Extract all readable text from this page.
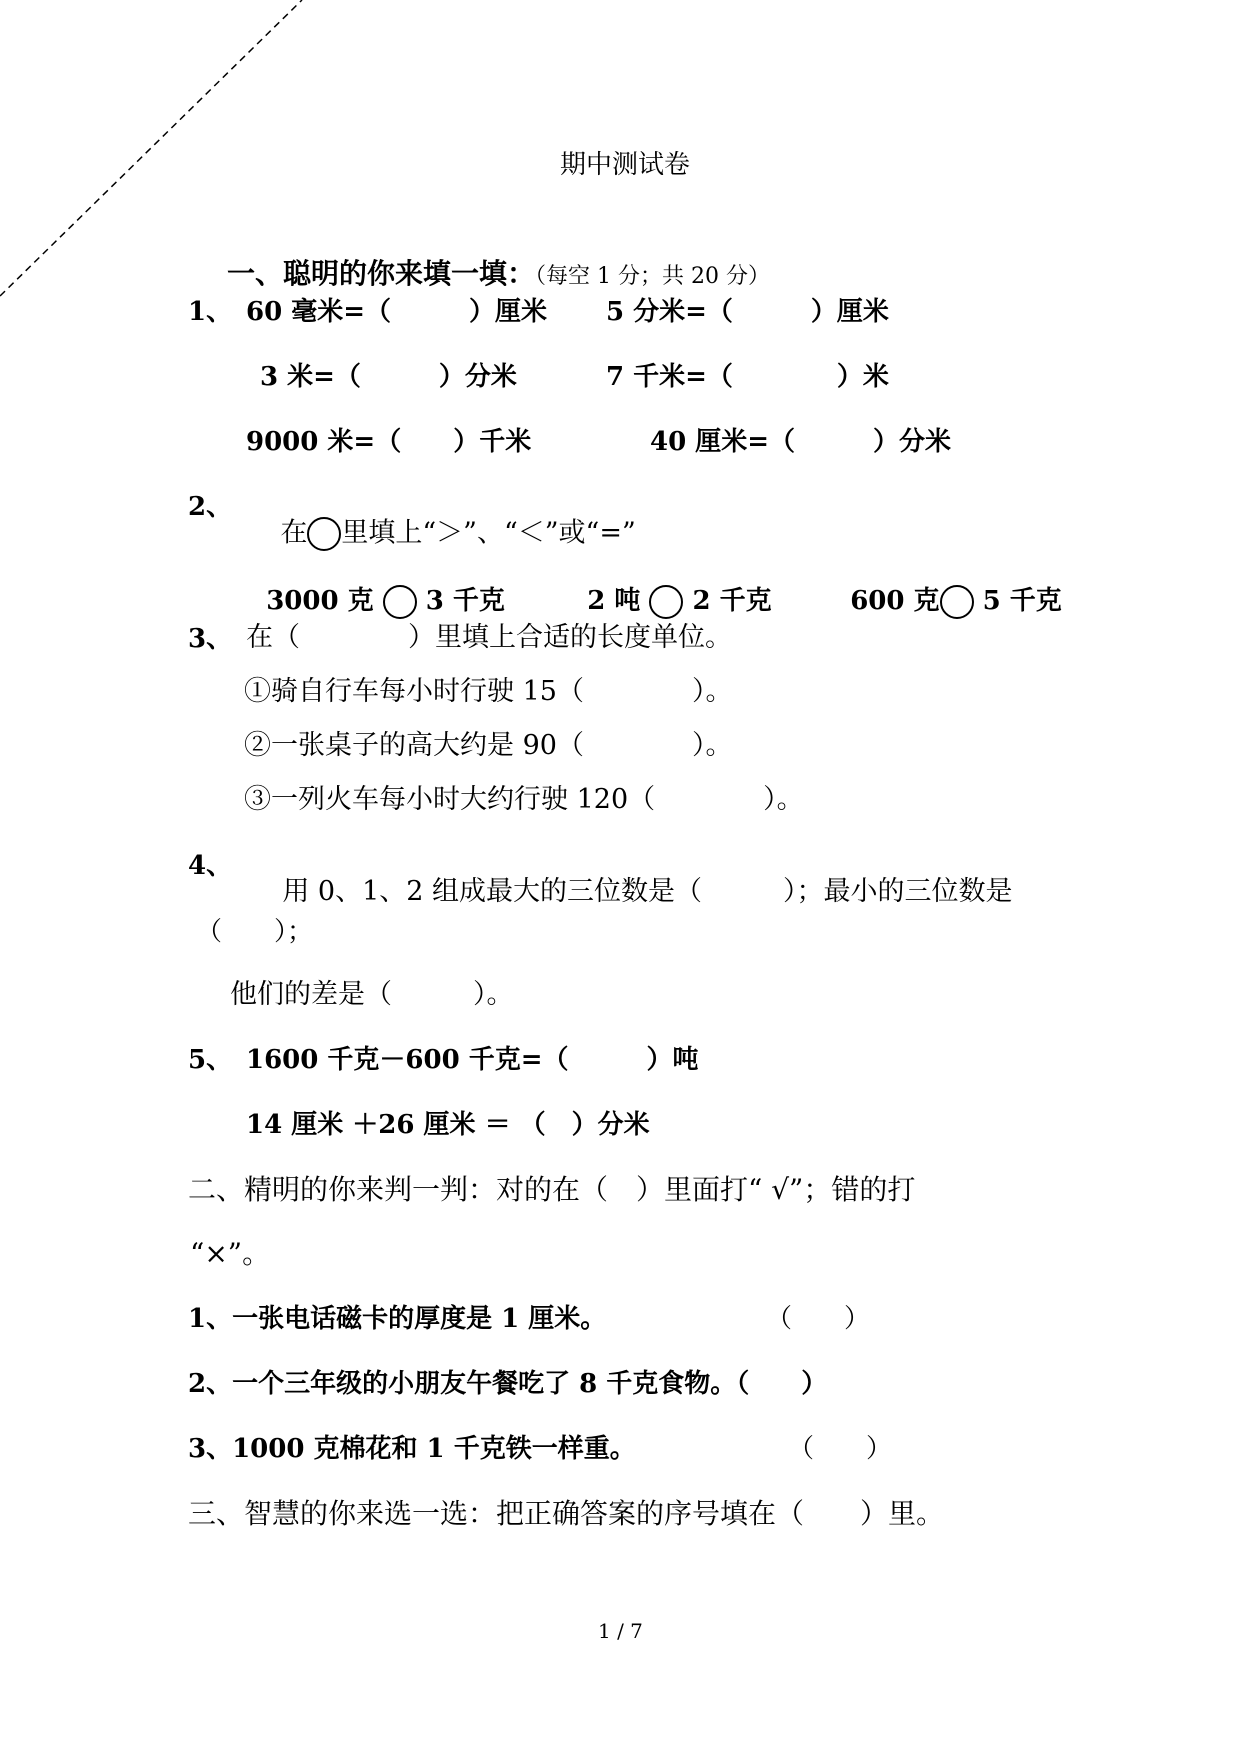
期中测试卷

一、聪明的你来填一填：（每空 1 分；共 20 分）

1、 60 毫米=（　　　）厘米 5 分米=（　　　）厘米
3 米=（　　　）分米	7 千米=（　　　　）米
9000 米=（　　）千米	40 厘米=（　　　）分米
2、

在 里填上“＞”、“＜”或“=”

3000 克 3 千克
	2 吨 2 千克
	600 克 5 千克

3、 在（　　　　）里填上合适的长度单位。
①骑自行车每小时行驶 15（　　　　）。
②一张桌子的高大约是 90（　　　　）。
③一列火车每小时大约行驶 120（　　　　）。
4、

用 0、1、2 组成最大的三位数是（　　　）；最小的三位数是

（　　）；
他们的差是（　　　）。
5、 1600 千克－600 千克=（　　　）吨
14 厘米 ＋26 厘米 ＝ （　）分米
二、精明的你来判一判：对的在（　）里面打“ √”；错的打
“×”。
1、一张电话磁卡的厚度是 1 厘米。	（　　）
2、一个三年级的小朋友午餐吃了 8 千克食物。（　　）
3、1000 克棉花和 1 千克铁一样重。	（　　）
三、智慧的你来选一选：把正确答案的序号填在（　　）里。
1 / 7
